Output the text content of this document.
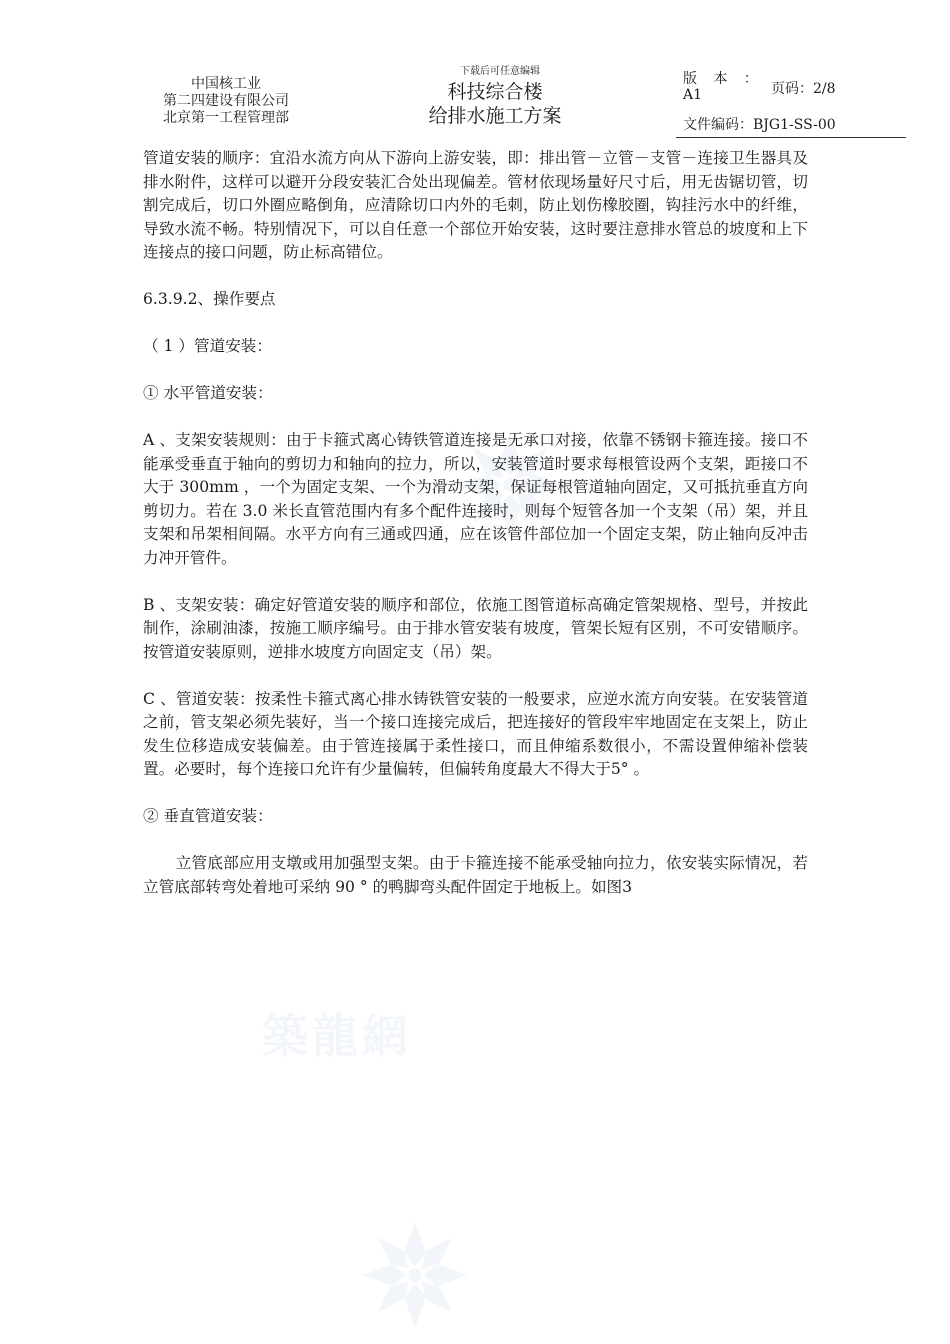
築龍網
中国核工业
第二四建设有限公司
北京第一工程管理部
下载后可任意编辑
科技综合楼
给排水施工方案
版 本 ：
A1	页码：2/8
文件编码：BJG1-SS-00

管道安装的顺序：宜沿水流方向从下游向上游安装，即：排出管－立管－支管－连接卫生器具及排水附件，这样可以避开分段安装汇合处出现偏差。管材依现场量好尺寸后，用无齿锯切管，切割完成后，切口外圈应略倒角，应清除切口内外的毛刺，防止划伤橡胶圈，钩挂污水中的纤维，导致水流不畅。特别情况下，可以自任意一个部位开始安装，这时要注意排水管总的坡度和上下连接点的接口问题，防止标高错位。

6.3.9.2、操作要点

（ 1 ）管道安装：

① 水平管道安装：

A 、支架安装规则：由于卡箍式离心铸铁管道连接是无承口对接，依靠不锈钢卡箍连接。接口不能承受垂直于轴向的剪切力和轴向的拉力，所以，安装管道时要求每根管设两个支架，距接口不大于 300mm ，一个为固定支架、一个为滑动支架，保证每根管道轴向固定，又可抵抗垂直方向剪切力。若在 3.0 米长直管范围内有多个配件连接时，则每个短管各加一个支架（吊）架，并且支架和吊架相间隔。水平方向有三通或四通，应在该管件部位加一个固定支架，防止轴向反冲击力冲开管件。

B 、支架安装：确定好管道安装的顺序和部位，依施工图管道标高确定管架规格、型号，并按此制作，涂刷油漆，按施工顺序编号。由于排水管安装有坡度，管架长短有区别，不可安错顺序。按管道安装原则，逆排水坡度方向固定支（吊）架。

C 、管道安装：按柔性卡箍式离心排水铸铁管安装的一般要求，应逆水流方向安装。在安装管道之前，管支架必须先装好，当一个接口连接完成后，把连接好的管段牢牢地固定在支架上，防止发生位移造成安装偏差。由于管连接属于柔性接口，而且伸缩系数很小，不需设置伸缩补偿装置。必要时，每个连接口允许有少量偏转，但偏转角度最大不得大于5° 。

② 垂直管道安装：

立管底部应用支墩或用加强型支架。由于卡箍连接不能承受轴向拉力，依安装实际情况，若立管底部转弯处着地可采纳 90 ° 的鸭脚弯头配件固定于地板上。如图3
